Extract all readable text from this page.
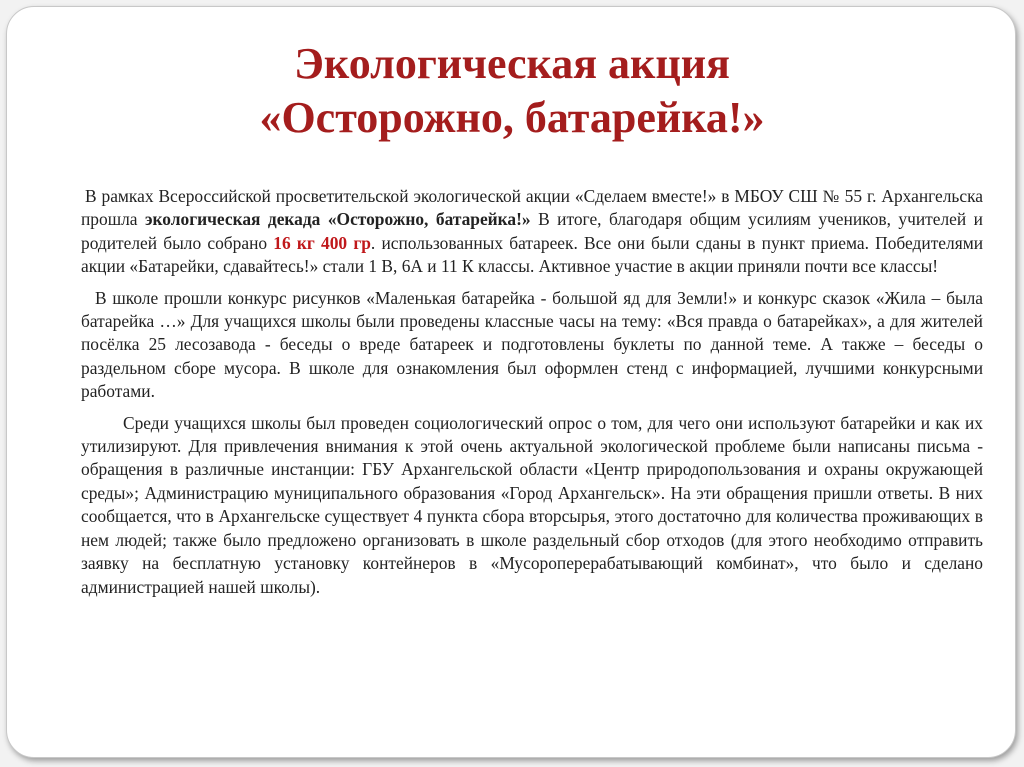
Экологическая акция
«Осторожно, батарейка!»

В рамках Всероссийской просветительской экологической акции «Сделаем вместе!» в МБОУ СШ № 55 г. Архангельска прошла экологическая декада «Осторожно, батарейка!» В итоге, благодаря общим усилиям учеников, учителей и родителей было собрано 16 кг 400 гр. использованных батареек. Все они были сданы в пункт приема. Победителями акции «Батарейки, сдавайтесь!» стали 1 В, 6А и 11 К классы. Активное участие в акции приняли почти все классы!

В школе прошли конкурс рисунков «Маленькая батарейка - большой яд для Земли!» и конкурс сказок «Жила – была батарейка …» Для учащихся школы были проведены классные часы на тему: «Вся правда о батарейках», а для жителей посёлка 25 лесозавода - беседы о вреде батареек и подготовлены буклеты по данной теме. А также – беседы о раздельном сборе мусора. В школе для ознакомления был оформлен стенд с информацией, лучшими конкурсными работами.

Среди учащихся школы был проведен социологический опрос о том, для чего они используют батарейки и как их утилизируют. Для привлечения внимания к этой очень актуальной экологической проблеме были написаны письма - обращения в различные инстанции: ГБУ Архангельской области «Центр природопользования и охраны окружающей среды»; Администрацию муниципального образования «Город Архангельск». На эти обращения пришли ответы. В них сообщается, что в Архангельске существует 4 пункта сбора вторсырья, этого достаточно для количества проживающих в нем людей; также было предложено организовать в школе раздельный сбор отходов (для этого необходимо отправить заявку на бесплатную установку контейнеров в «Мусороперерабатывающий комбинат», что было и сделано администрацией нашей школы).
